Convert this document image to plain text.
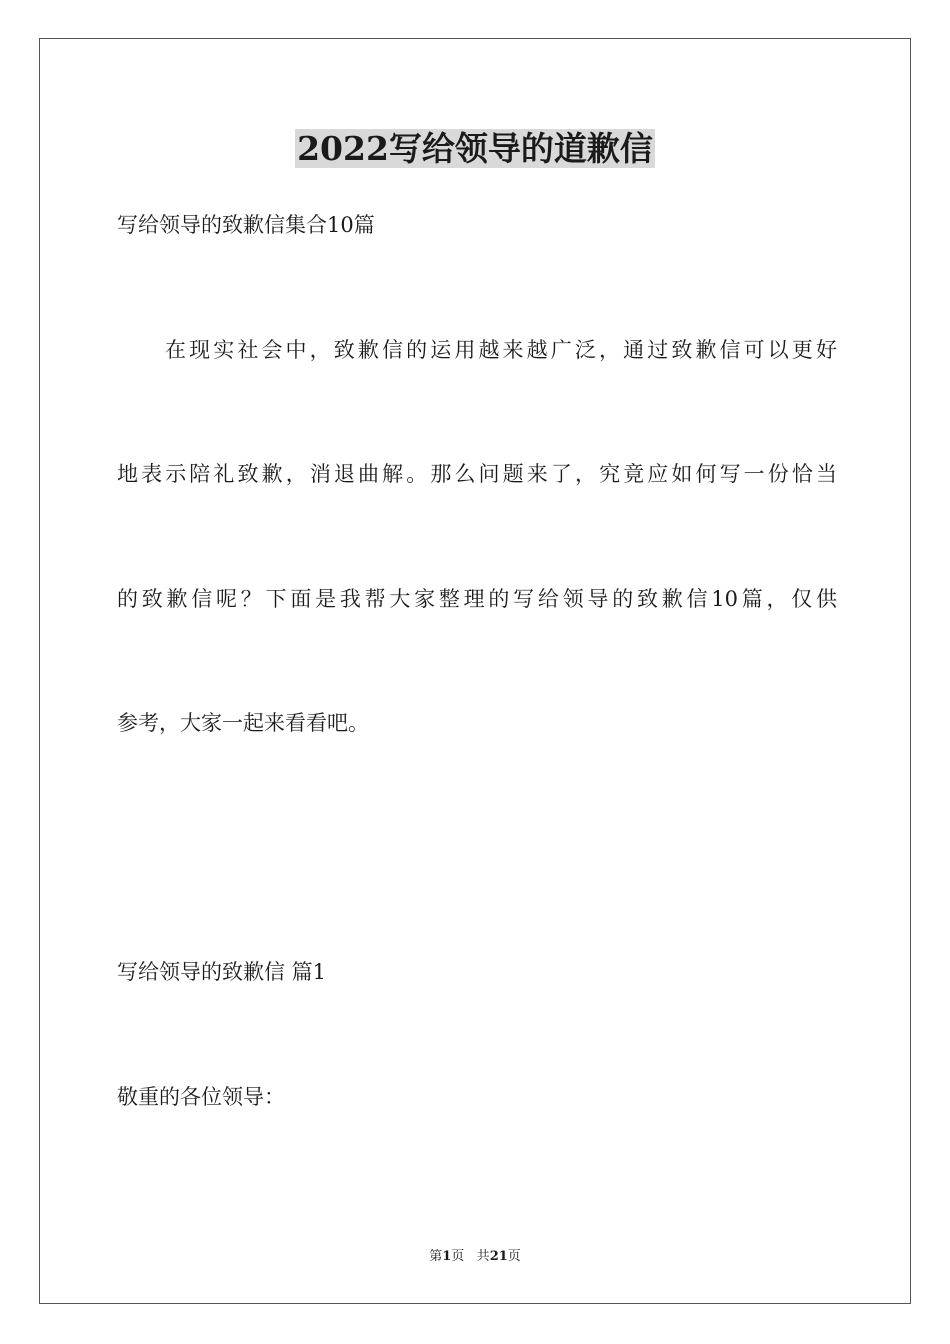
2022写给领导的道歉信
写给领导的致歉信集合10篇
在现实社会中，致歉信的运用越来越广泛，通过致歉信可以更好
地表示陪礼致歉，消退曲解。那么问题来了，究竟应如何写一份恰当
的致歉信呢？下面是我帮大家整理的写给领导的致歉信10篇，仅供
参考，大家一起来看看吧。
写给领导的致歉信 篇1
敬重的各位领导：
第1页 共21页
